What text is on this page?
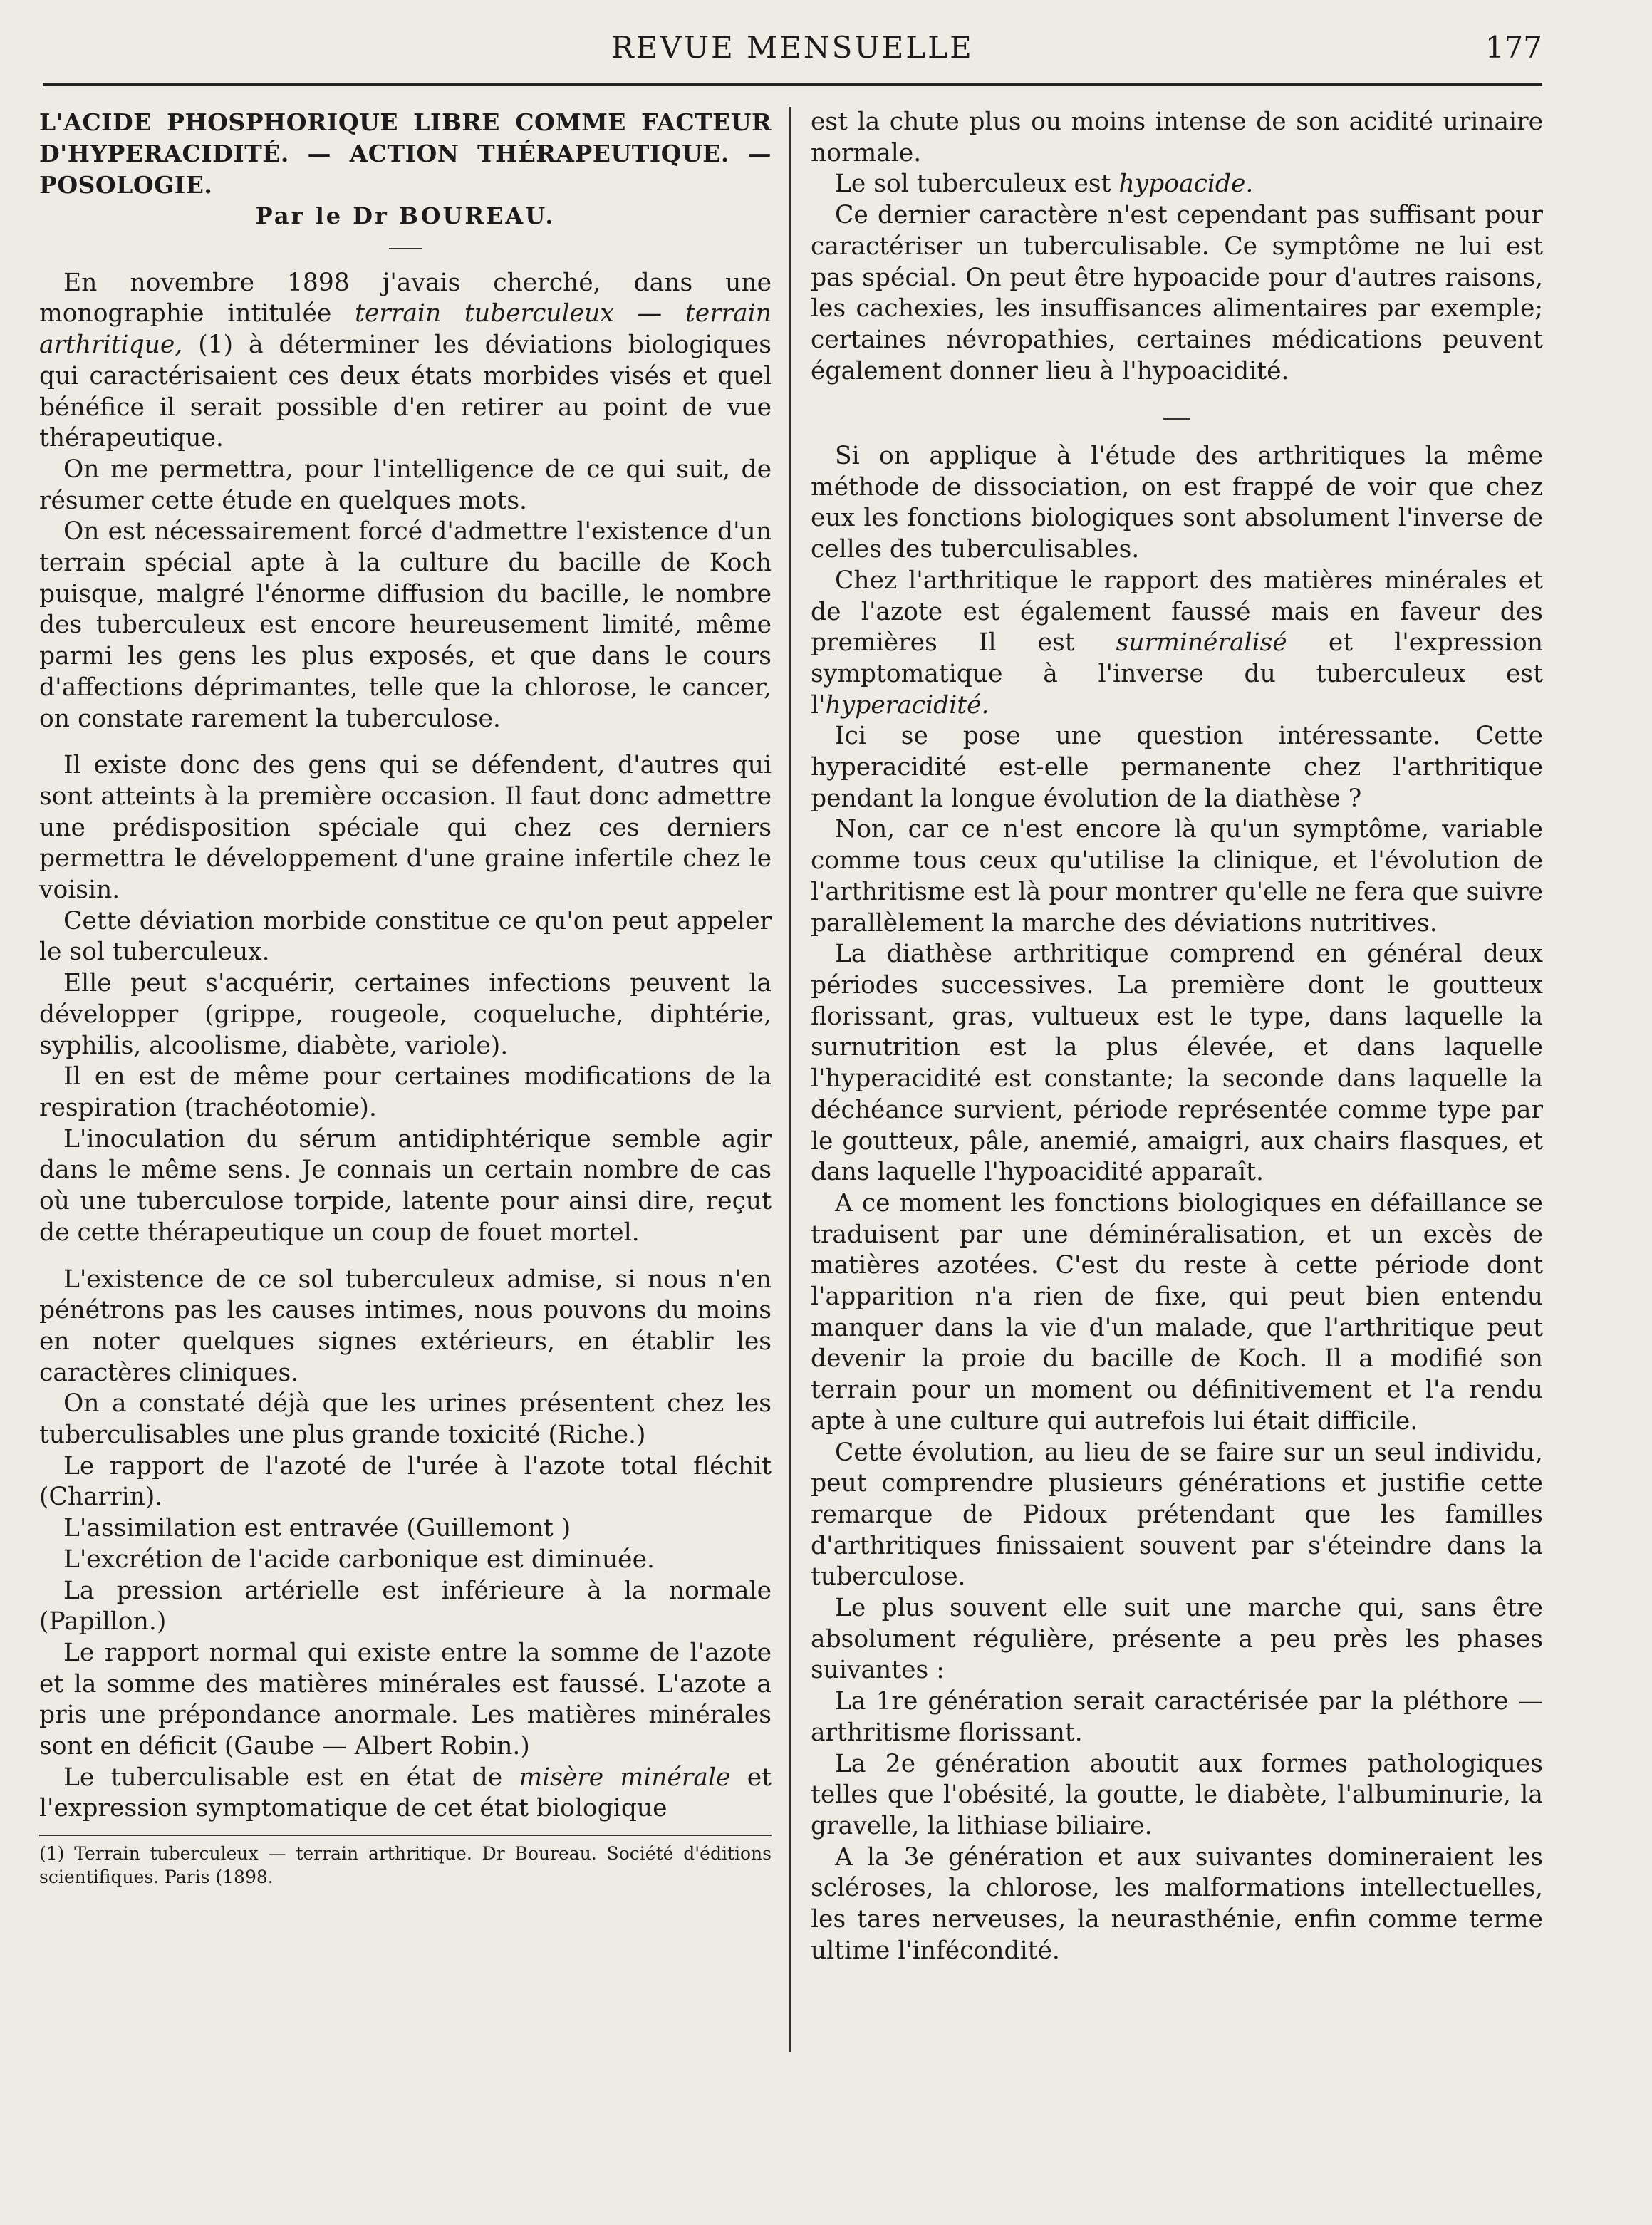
REVUE MENSUELLE	177

L'ACIDE PHOSPHORIQUE LIBRE COMME FACTEUR D'HYPERACIDITÉ. — ACTION THÉRAPEUTIQUE. — POSOLOGIE.

Par le Dr BOUREAU.

En novembre 1898 j'avais cherché, dans une monographie intitulée terrain tuberculeux — terrain arthritique, (1) à déterminer les déviations biologiques qui caractérisaient ces deux états morbides visés et quel bénéfice il serait possible d'en retirer au point de vue thérapeutique.

On me permettra, pour l'intelligence de ce qui suit, de résumer cette étude en quelques mots.

On est nécessairement forcé d'admettre l'existence d'un terrain spécial apte à la culture du bacille de Koch puisque, malgré l'énorme diffusion du bacille, le nombre des tuberculeux est encore heureusement limité, même parmi les gens les plus exposés, et que dans le cours d'affections déprimantes, telle que la chlorose, le cancer, on constate rarement la tuberculose.

Il existe donc des gens qui se défendent, d'autres qui sont atteints à la première occasion. Il faut donc admettre une prédisposition spéciale qui chez ces derniers permettra le développement d'une graine infertile chez le voisin.

Cette déviation morbide constitue ce qu'on peut appeler le sol tuberculeux.

Elle peut s'acquérir, certaines infections peuvent la développer (grippe, rougeole, coqueluche, diphtérie, syphilis, alcoolisme, diabète, variole).

Il en est de même pour certaines modifications de la respiration (trachéotomie).

L'inoculation du sérum antidiphtérique semble agir dans le même sens. Je connais un certain nombre de cas où une tuberculose torpide, latente pour ainsi dire, reçut de cette thérapeutique un coup de fouet mortel.

L'existence de ce sol tuberculeux admise, si nous n'en pénétrons pas les causes intimes, nous pouvons du moins en noter quelques signes extérieurs, en établir les caractères cliniques.

On a constaté déjà que les urines présentent chez les tuberculisables une plus grande toxicité (Riche.)

Le rapport de l'azoté de l'urée à l'azote total fléchit (Charrin).

L'assimilation est entravée (Guillemont )

L'excrétion de l'acide carbonique est diminuée.

La pression artérielle est inférieure à la normale (Papillon.)

Le rapport normal qui existe entre la somme de l'azote et la somme des matières minérales est faussé. L'azote a pris une prépondance anormale. Les matières minérales sont en déficit (Gaube — Albert Robin.)

Le tuberculisable est en état de misère minérale et l'expression symptomatique de cet état biologique

(1) Terrain tuberculeux — terrain arthritique. Dr Boureau. Société d'éditions scientifiques. Paris (1898.

est la chute plus ou moins intense de son acidité urinaire normale.

Le sol tuberculeux est hypoacide.

Ce dernier caractère n'est cependant pas suffisant pour caractériser un tuberculisable. Ce symptôme ne lui est pas spécial. On peut être hypoacide pour d'autres raisons, les cachexies, les insuffisances alimentaires par exemple; certaines névropathies, certaines médications peuvent également donner lieu à l'hypoacidité.

Si on applique à l'étude des arthritiques la même méthode de dissociation, on est frappé de voir que chez eux les fonctions biologiques sont absolument l'inverse de celles des tuberculisables.

Chez l'arthritique le rapport des matières minérales et de l'azote est également faussé mais en faveur des premières Il est surminéralisé et l'expression symptomatique à l'inverse du tuberculeux est l'hyperacidité.

Ici se pose une question intéressante. Cette hyperacidité est-elle permanente chez l'arthritique pendant la longue évolution de la diathèse ?

Non, car ce n'est encore là qu'un symptôme, variable comme tous ceux qu'utilise la clinique, et l'évolution de l'arthritisme est là pour montrer qu'elle ne fera que suivre parallèlement la marche des déviations nutritives.

La diathèse arthritique comprend en général deux périodes successives. La première dont le goutteux florissant, gras, vultueux est le type, dans laquelle la surnutrition est la plus élevée, et dans laquelle l'hyperacidité est constante; la seconde dans laquelle la déchéance survient, période représentée comme type par le goutteux, pâle, anemié, amaigri, aux chairs flasques, et dans laquelle l'hypoacidité apparaît.

A ce moment les fonctions biologiques en défaillance se traduisent par une déminéralisation, et un excès de matières azotées. C'est du reste à cette période dont l'apparition n'a rien de fixe, qui peut bien entendu manquer dans la vie d'un malade, que l'arthritique peut devenir la proie du bacille de Koch. Il a modifié son terrain pour un moment ou définitivement et l'a rendu apte à une culture qui autrefois lui était difficile.

Cette évolution, au lieu de se faire sur un seul individu, peut comprendre plusieurs générations et justifie cette remarque de Pidoux prétendant que les familles d'arthritiques finissaient souvent par s'éteindre dans la tuberculose.

Le plus souvent elle suit une marche qui, sans être absolument régulière, présente a peu près les phases suivantes :

La 1re génération serait caractérisée par la pléthore — arthritisme florissant.

La 2e génération aboutit aux formes pathologiques telles que l'obésité, la goutte, le diabète, l'albuminurie, la gravelle, la lithiase biliaire.

A la 3e génération et aux suivantes domineraient les scléroses, la chlorose, les malformations intellectuelles, les tares nerveuses, la neurasthénie, enfin comme terme ultime l'infécondité.
